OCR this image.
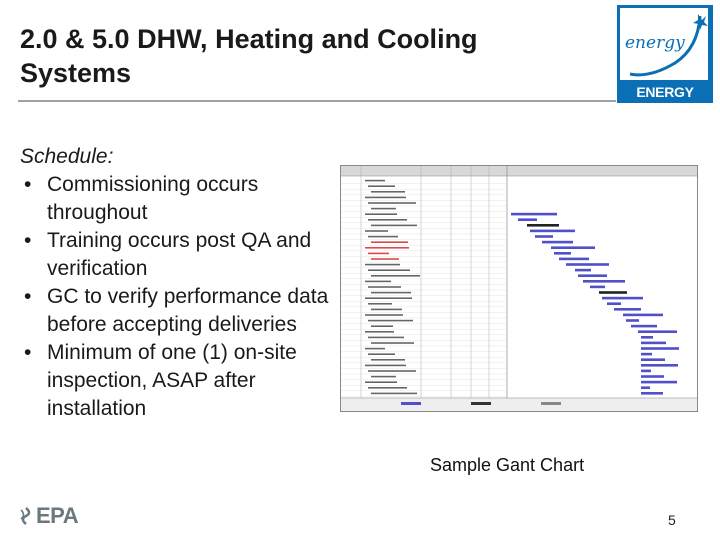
2.0 & 5.0 DHW, Heating and Cooling Systems
energy
ENERGY STAR
Schedule:
• Commissioning occurs throughout
• Training occurs post QA and verification
• GC to verify performance data before accepting deliveries
• Minimum of one (1) on-site inspection, ASAP after installation
Sample Gant Chart
EPA	5
